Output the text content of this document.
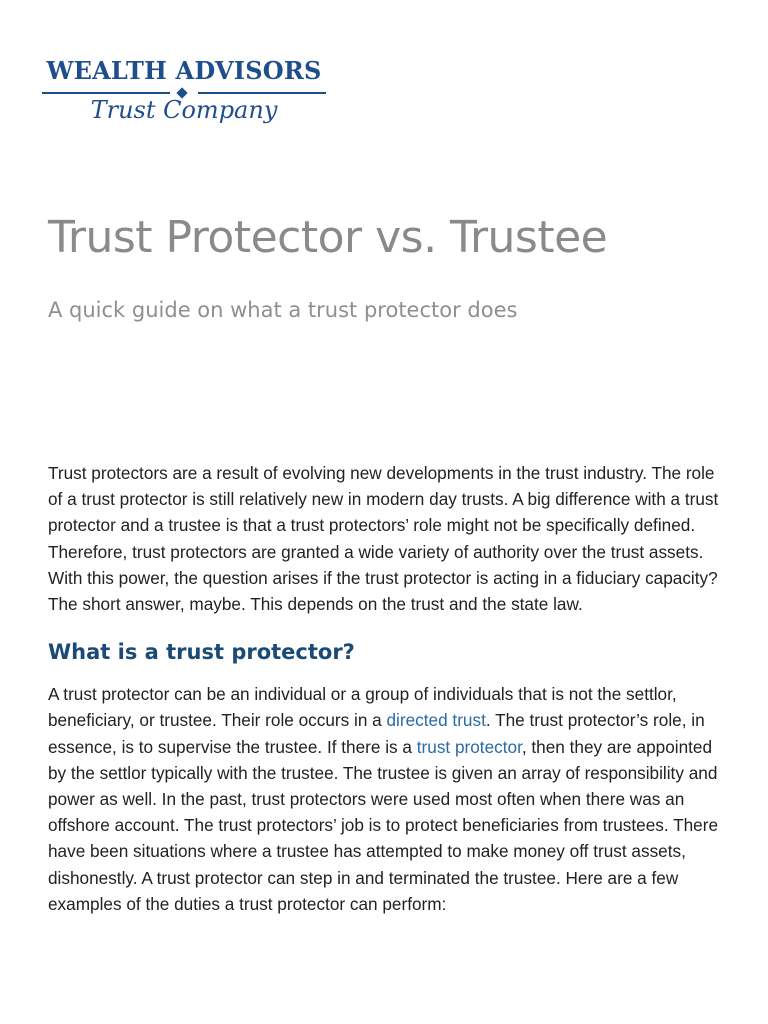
WEALTH ADVISORS
Trust Company
Trust Protector vs. Trustee
A quick guide on what a trust protector does

Trust protectors are a result of evolving new developments in the trust industry. The role of a trust protector is still relatively new in modern day trusts. A big difference with a trust protector and a trustee is that a trust protectors’ role might not be specifically defined. Therefore, trust protectors are granted a wide variety of authority over the trust assets. With this power, the question arises if the trust protector is acting in a fiduciary capacity? The short answer, maybe. This depends on the trust and the state law.

What is a trust protector?

A trust protector can be an individual or a group of individuals that is not the settlor, beneficiary, or trustee. Their role occurs in a directed trust. The trust protector’s role, in essence, is to supervise the trustee. If there is a trust protector, then they are appointed by the settlor typically with the trustee. The trustee is given an array of responsibility and power as well. In the past, trust protectors were used most often when there was an offshore account. The trust protectors’ job is to protect beneficiaries from trustees. There have been situations where a trustee has attempted to make money off trust assets, dishonestly. A trust protector can step in and terminated the trustee. Here are a few examples of the duties a trust protector can perform:
